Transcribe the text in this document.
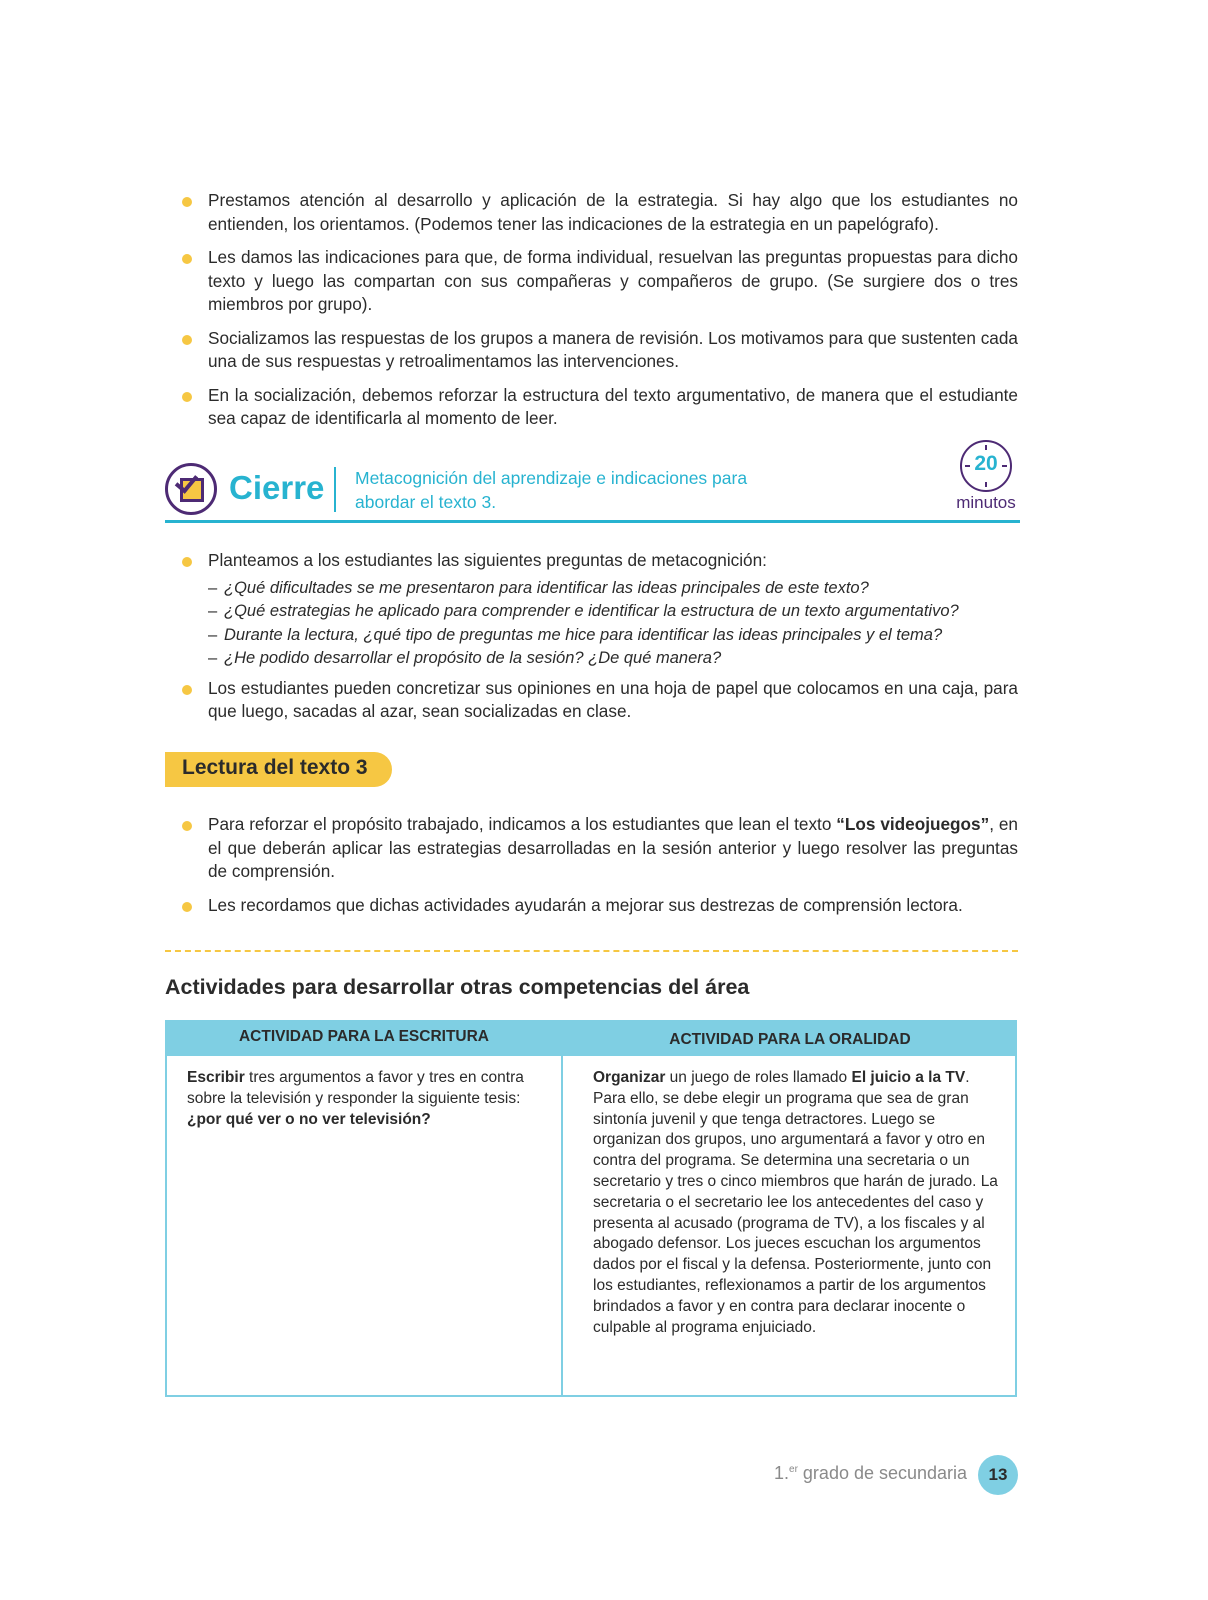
Prestamos atención al desarrollo y aplicación de la estrategia. Si hay algo que los estudiantes no entienden, los orientamos. (Podemos tener las indicaciones de la estrategia en un papelógrafo).
Les damos las indicaciones para que, de forma individual, resuelvan las preguntas propuestas para dicho texto y luego las compartan con sus compañeras y compañeros de grupo. (Se surgiere dos o tres miembros por grupo).
Socializamos las respuestas de los grupos a manera de revisión. Los motivamos para que sustenten cada una de sus respuestas y retroalimentamos las intervenciones.
En la socialización, debemos reforzar la estructura del texto argumentativo, de manera que el estudiante sea capaz de identificarla al momento de leer.
Cierre Metacognición del aprendizaje e indicaciones para abordar el texto 3.
20
minutos
Planteamos a los estudiantes las siguientes preguntas de metacognición:
– ¿Qué dificultades se me presentaron para identificar las ideas principales de este texto?
– ¿Qué estrategias he aplicado para comprender e identificar la estructura de un texto argumentativo?
– Durante la lectura, ¿qué tipo de preguntas me hice para identificar las ideas principales y el tema?
– ¿He podido desarrollar el propósito de la sesión? ¿De qué manera?
Los estudiantes pueden concretizar sus opiniones en una hoja de papel que colocamos en una caja, para que luego, sacadas al azar, sean socializadas en clase.
Lectura del texto 3
Para reforzar el propósito trabajado, indicamos a los estudiantes que lean el texto “Los videojuegos”, en el que deberán aplicar las estrategias desarrolladas en la sesión anterior y luego resolver las preguntas de comprensión.
Les recordamos que dichas actividades ayudarán a mejorar sus destrezas de comprensión lectora.
Actividades para desarrollar otras competencias del área
ACTIVIDAD PARA LA ESCRITURA	ACTIVIDAD PARA LA ORALIDAD
Escribir tres argumentos a favor y tres en contra sobre la televisión y responder la siguiente tesis: ¿por qué ver o no ver televisión?
Organizar un juego de roles llamado El juicio a la TV. Para ello, se debe elegir un programa que sea de gran sintonía juvenil y que tenga detractores. Luego se organizan dos grupos, uno argumentará a favor y otro en contra del programa. Se determina una secretaria o un secretario y tres o cinco miembros que harán de jurado. La secretaria o el secretario lee los antecedentes del caso y presenta al acusado (programa de TV), a los fiscales y al abogado defensor. Los jueces escuchan los argumentos dados por el fiscal y la defensa. Posteriormente, junto con los estudiantes, reflexionamos a partir de los argumentos brindados a favor y en contra para declarar inocente o culpable al programa enjuiciado.
1.$^{er}$ grado de secundaria	13
